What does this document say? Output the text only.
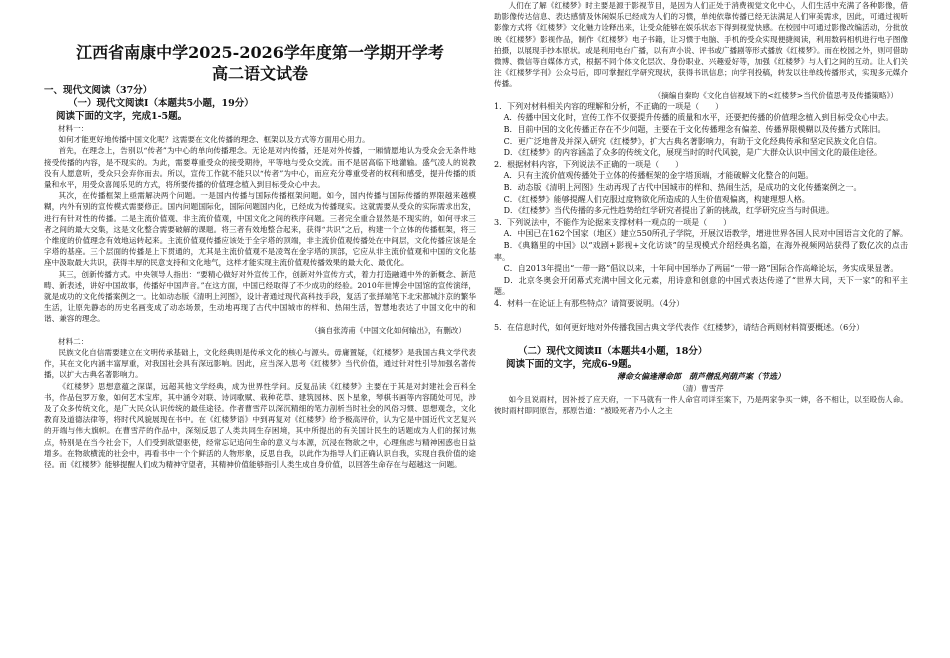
江西省南康中学2025-2026学年度第一学期开学考
高二语文试卷
一、现代文阅读（37分）
（一）现代文阅读Ⅰ（本题共5小题，19分）
阅读下面的文字，完成1-5题。
材料一：

如何才能更好地传播中国文化呢？这需要在文化传播的理念、框架以及方式等方面用心用力。

首先，在理念上，告别以“传者”为中心的单向传播理念。无论是对内传播，还是对外传播，一厢情愿地认为受众会无条件地接受传播的内容，是不现实的。为此，需要尊重受众的接受期待，平等地与受众交流。而不是居高临下地灌输。盛气凌人的说教没有人愿意听，受众只会弃你而去。所以，宣传工作就不能只以“传者”为中心，而应充分尊重受者的权利和感受，提升传播的质量和水平，用受众喜闻乐见的方式，将所要传播的价值理念植入到目标受众心中去。

其次，在传播框架上亟需解决两个问题。一是国内传播与国际传播框架问题。如今，国内传播与国际传播的界限越来越模糊，内外有别的宣传模式需要修正。国内问题国际化，国际问题国内化，已经成为传播现实。这就需要从受众的实际需求出发，进行有针对性的传播。二是主流价值观、非主流价值观，中国文化之间的秩序问题。三者完全重合显然是不现实的，如何寻求三者之间的最大交集，这是文化整合需要破解的课题。将三者有效地整合起来，获得“共识”之后，构建一个立体的传播框架，将三个维度的价值理念有效地运转起来。主流价值观传播应该处于全字塔的顶端，非主流价值观传播处在中间层，文化传播应该是全字塔的基座。三个层面的传播是上下贯通的，尤其是主流价值观不是凌驾在金字塔的顶部，它应从非主流价值观和中国的文化基座中汲取最大共识，获得丰厚的民意支持和文化地气，这样才能实现主流价值观传播效果的最大化、最优化。

其三，创新传播方式。中央领导人指出：“要精心做好对外宣传工作，创新对外宣传方式，着力打造融通中外的新概念、新范畴、新表述，讲好中国故事，传播好中国声音。”在这方面，中国已经取得了不少成功的经验。2010年世博会中国馆的宣传演绎，就是成功的文化传播案例之一。比如动态版《清明上河图》，设计者通过现代高科技手段，复活了张择端笔下北宋都城汴京的繁华生活，让原先静态的历史名画变成了动态场景，生动地再现了古代中国城市的样和、热闹生活，智慧地表达了中国文化中的和谐、兼容的理念。

（摘自张涛甫《中国文化如何输出》，有删改）
材料二：

民族文化自信需要建立在文明传承基础上，文化经典则是传承文化的核心与源头。毋庸置疑，《红楼梦》是我国古典文学代表作，其在文化内涵丰富厚重，对我国社会具有深远影响。因此，应当深入思考《红楼梦》当代价值，通过针对性引导加强名著传播，以扩大古典名著影响力。

《红楼梦》思想意蕴之深谋，远超其他文学经典，成为世界性学问。反复品读《红楼梦》主要在于其是对封建社会百科全书，作品包罗万象，如何艺术宝库，其中涵令对联、诗词歌赋、栽种花草、建筑园林、医卜星象，琴棋书画等内容随处可见，涉及了众多传统文化，是广大民众认识传统的最佳途径。作者曹雪芹以深沉精细的笔力剖析当时社会的风俗习惯、思想观念，文化教育及道德法律等，将时代风貌展现在书中。在《红楼梦语》中到再复对《红楼梦》给予极高评价，认为它是中国近代文艺复兴的开端与伟大旗帜。在曹雪芹的作品中，深刻反思了人类共同生存困境，其中所提出的有关国计民生的话题成为人们的探讨焦点，特别是在当今社会下，人们受到欲望驱使，经常忘记追问生命的意义与本源，沉浸在物欲之中，心理焦虑与精神困惑也日益增多。在物欲横流的社会中，再看书中一个个鲜活的人物形象，反思自我，以此作为指导人们正确认识自我，实现自我价值的途径。而《红楼梦》能够提醒人们成为精神守望者，其精神价值能够指引人类生成自身价值，以回答生命存在与超越这一问题。

人们在了解《红楼梦》时主要是源于影视节目，是因为人们正处于消费视觉文化中心，人们生活中充满了各种影像，借助影像传达信息、表达感情及休闲娱乐已经成为人们的习惯，单纯依靠传播已经无法满足人们审美需求，因此，可通过视听影像方式将《红楼梦》文化魅力诠释出来，让受众能够在娱乐状态下得到视觉快感。在校园中可通过影像改编活动，分批放映《红楼梦》影视作品，制作《红楼梦》电子书籍，让习惯于电脑、手机的受众实现便捷阅读，利用数码相机进行电子图像拍摄，以展现手抄本原状。或是利用电台广播，以有声小说、评书或广播剧等形式播放《红楼梦》。而在校园之外，则可借助微博、微信等自媒体方式，根据不同个体文化层次、身份职业、兴趣爱好等，加强《红楼梦》与人们之间的互动。让人们关注《红楼梦学刊》公众号后，即可掌握红学研究现状，获得书讯信息；向学刊投稿，转发以往单线传播形式，实现多元媒介传播。

（摘编自秦昀《文化自信视域下的<红楼梦>当代价值思考及传播策略》）

1．下列对材料相关内容的理解和分析，不正确的一项是（　　）

A．传播中国文化时，宣传工作不仅要提升传播的质量和水平，还要把传播的价值理念植入到目标受众心中去。

B．目前中国的文化传播正存在不少问题，主要在于文化传播理念有偏差、传播界限模糊以及传播方式陈旧。

C．更广泛地普及并深入研究《红楼梦》，扩大古典名著影响力，有助于文化经典传承和坚定民族文化自信。

D．《红楼梦》的内容涵盖了众多的传统文化，展现当时的时代风貌，是广大群众认识中国文化的最佳途径。

2．根据材料内容，下列说法不正确的一项是（　　）

A．只有主流价值观传播处于立体的传播框架的金字塔顶端，才能破解文化整合的问题。

B．动态版《清明上河图》生动再现了古代中国城市的样和、热闹生活，是成功的文化传播案例之一。

C．《红楼梦》能够提醒人们克服过度物欲化所造成的人生价值观偏离，构建理想人格。

D．《红楼梦》当代传播的多元性趋势给红学研究者提出了新的挑战，红学研究应当与时俱进。

3．下列说法中，不能作为论据来支撑材料一观点的一项是（　　）

A．中国已在162个国家（地区）建立550所孔子学院，开展汉语教学，增进世界各国人民对中国语言文化的了解。

B．《典籍里的中国》以“戏剧+影视+文化访谈”的呈现模式介绍经典名篇，在海外视频网站获得了数亿次的点击率。

C．自2013年提出“一带一路”倡议以来，十年间中国举办了两届“一带一路”国际合作高峰论坛，务实成果显著。

D．北京冬奥会开闭幕式充满中国文化元素，用诗意和创意的中国式表达传递了“世界大同，天下一家”的和平主题。

4．材料一在论证上有那些特点？请简要说明。（4分）

5．在信息时代，如何更好地对外传播我国古典文学代表作《红楼梦》，请结合两则材料简要概述。（6分）

（二）现代文阅读Ⅱ（本题共4小题，18分）
阅读下面的文字，完成6-9题。
薄命女偏逢薄命郎　葫芦僧乱判葫芦案（节选）
（清）曹雪芹

如今且说雨村，因补授了应天府，一下马就有一件人命官司详至案下，乃是两家争买一婢，各不相让，以至殴伤人命。彼时雨村即同原告，那原告道：“被殴死者乃小人之主
